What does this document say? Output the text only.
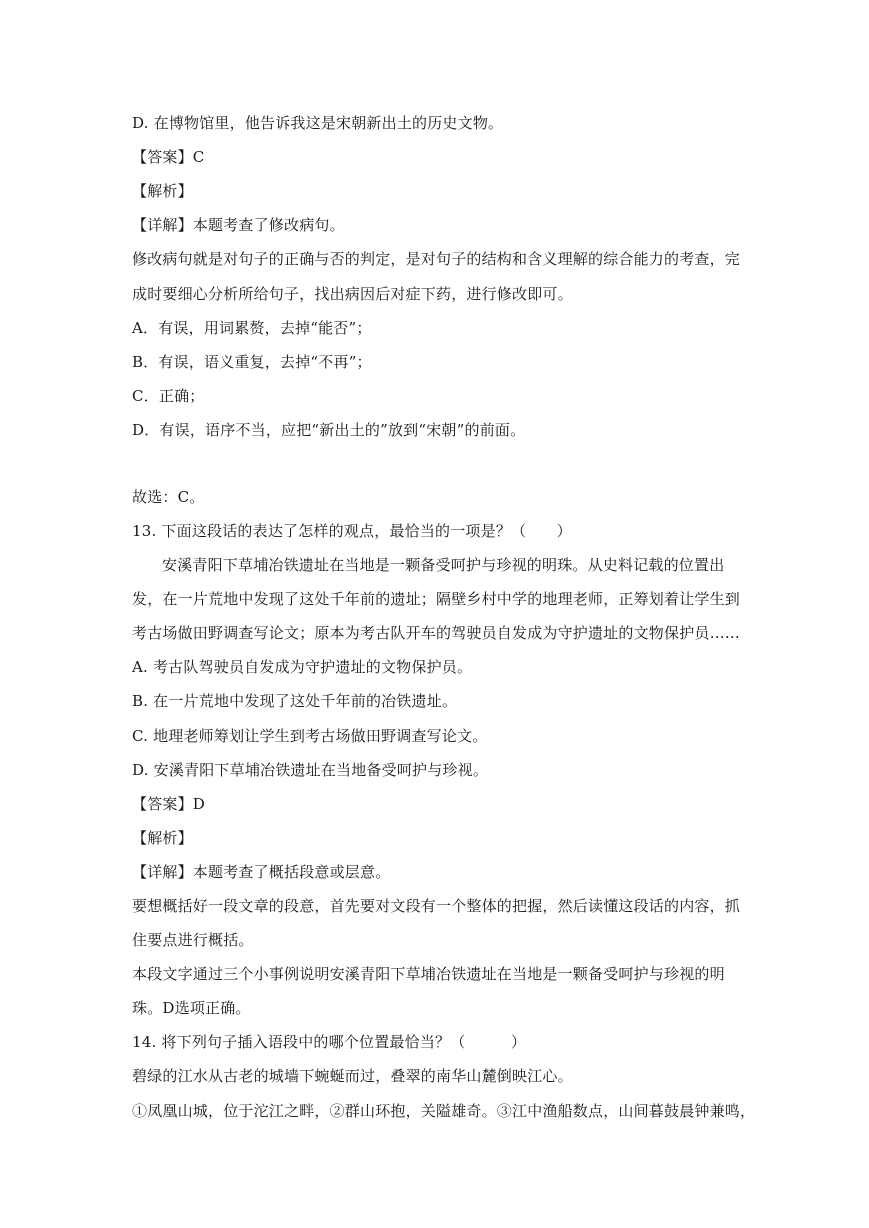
D. 在博物馆里，他告诉我这是宋朝新出土的历史文物。
【答案】C
【解析】
【详解】本题考查了修改病句。
修改病句就是对句子的正确与否的判定，是对句子的结构和含义理解的综合能力的考查，完
成时要细心分析所给句子，找出病因后对症下药，进行修改即可。
A．有误，用词累赘，去掉“能否”；
B．有误，语义重复，去掉“不再”；
C．正确；
D．有误，语序不当，应把“新出土的”放到“宋朝”的前面。
故选：C。
13. 下面这段话的表达了怎样的观点，最恰当的一项是？（　　）
安溪青阳下草埔冶铁遗址在当地是一颗备受呵护与珍视的明珠。从史料记载的位置出
发，在一片荒地中发现了这处千年前的遗址；隔壁乡村中学的地理老师，正筹划着让学生到
考古场做田野调查写论文；原本为考古队开车的驾驶员自发成为守护遗址的文物保护员……
A. 考古队驾驶员自发成为守护遗址的文物保护员。
B. 在一片荒地中发现了这处千年前的冶铁遗址。
C. 地理老师筹划让学生到考古场做田野调查写论文。
D. 安溪青阳下草埔冶铁遗址在当地备受呵护与珍视。
【答案】D
【解析】
【详解】本题考查了概括段意或层意。
要想概括好一段文章的段意，首先要对文段有一个整体的把握，然后读懂这段话的内容，抓
住要点进行概括。
本段文字通过三个小事例说明安溪青阳下草埔冶铁遗址在当地是一颗备受呵护与珍视的明
珠。D选项正确。
14. 将下列句子插入语段中的哪个位置最恰当？（　　　）
碧绿的江水从古老的城墙下蜿蜒而过，叠翠的南华山麓倒映江心。
①凤凰山城，位于沱江之畔，②群山环抱，关隘雄奇。③江中渔船数点，山间暮鼓晨钟兼鸣，
